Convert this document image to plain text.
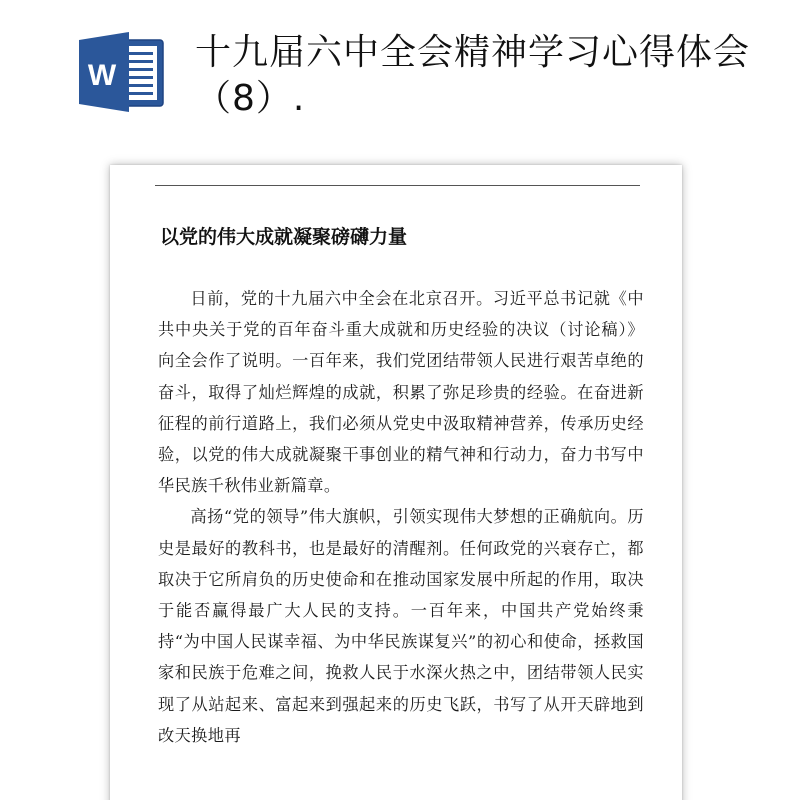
W
十九届六中全会精神学习心得体会（8）.
以党的伟大成就凝聚磅礴力量

日前，党的十九届六中全会在北京召开。习近平总书记就《中共中央关于党的百年奋斗重大成就和历史经验的决议（讨论稿）》向全会作了说明。一百年来，我们党团结带领人民进行艰苦卓绝的奋斗，取得了灿烂辉煌的成就，积累了弥足珍贵的经验。在奋进新征程的前行道路上，我们必须从党史中汲取精神营养，传承历史经验，以党的伟大成就凝聚干事创业的精气神和行动力，奋力书写中华民族千秋伟业新篇章。

高扬“党的领导”伟大旗帜，引领实现伟大梦想的正确航向。历史是最好的教科书，也是最好的清醒剂。任何政党的兴衰存亡，都取决于它所肩负的历史使命和在推动国家发展中所起的作用，取决于能否赢得最广大人民的支持。一百年来，中国共产党始终秉持“为中国人民谋幸福、为中华民族谋复兴”的初心和使命，拯救国家和民族于危难之间，挽救人民于水深火热之中，团结带领人民实现了从站起来、富起来到强起来的历史飞跃，书写了从开天辟地到改天换地再
